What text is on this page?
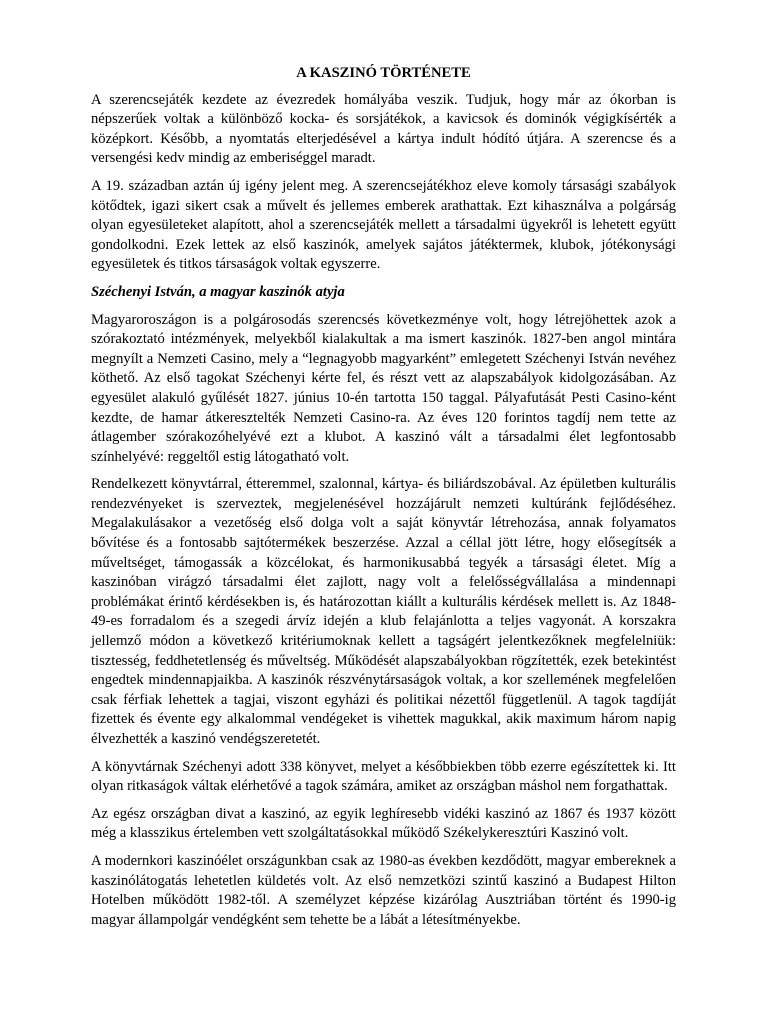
A KASZINÓ TÖRTÉNETE

A szerencsejáték kezdete az évezredek homályába veszik. Tudjuk, hogy már az ókorban is népszerűek voltak a különböző kocka- és sorsjátékok, a kavicsok és dominók végigkísérték a középkort. Később, a nyomtatás elterjedésével a kártya indult hódító útjára. A szerencse és a versengési kedv mindig az emberiséggel maradt.

A 19. században aztán új igény jelent meg. A szerencsejátékhoz eleve komoly társasági szabályok kötődtek, igazi sikert csak a művelt és jellemes emberek arathattak. Ezt kihasználva a polgárság olyan egyesületeket alapított, ahol a szerencsejáték mellett a társadalmi ügyekről is lehetett együtt gondolkodni. Ezek lettek az első kaszinók, amelyek sajátos játéktermek, klubok, jótékonysági egyesületek és titkos társaságok voltak egyszerre.

Széchenyi István, a magyar kaszinók atyja

Magyaroroszágon is a polgárosodás szerencsés következménye volt, hogy létrejöhettek azok a szórakoztató intézmények, melyekből kialakultak a ma ismert kaszinók. 1827-ben angol mintára megnyílt a Nemzeti Casino, mely a “legnagyobb magyarként” emlegetett Széchenyi István nevéhez köthető. Az első tagokat Széchenyi kérte fel, és részt vett az alapszabályok kidolgozásában. Az egyesület alakuló gyűlését 1827. június 10-én tartotta 150 taggal. Pályafutását Pesti Casino-ként kezdte, de hamar átkeresztelték Nemzeti Casino-ra. Az éves 120 forintos tagdíj nem tette az átlagember szórakozóhelyévé ezt a klubot. A kaszinó vált a társadalmi élet legfontosabb színhelyévé: reggeltől estig látogatható volt.

Rendelkezett könyvtárral, étteremmel, szalonnal, kártya- és biliárdszobával. Az épületben kulturális rendezvényeket is szerveztek, megjelenésével hozzájárult nemzeti kultúránk fejlődéséhez. Megalakulásakor a vezetőség első dolga volt a saját könyvtár létrehozása, annak folyamatos bővítése és a fontosabb sajtótermékek beszerzése. Azzal a céllal jött létre, hogy elősegítsék a műveltséget, támogassák a közcélokat, és harmonikusabbá tegyék a társasági életet. Míg a kaszinóban virágzó társadalmi élet zajlott, nagy volt a felelősségvállalása a mindennapi problémákat érintő kérdésekben is, és határozottan kiállt a kulturális kérdések mellett is. Az 1848-49-es forradalom és a szegedi árvíz idején a klub felajánlotta a teljes vagyonát. A korszakra jellemző módon a következő kritériumoknak kellett a tagságért jelentkezőknek megfelelniük: tisztesség, feddhetetlenség és műveltség. Működését alapszabályokban rögzítették, ezek betekintést engedtek mindennapjaikba. A kaszinók részvénytársaságok voltak, a kor szellemének megfelelően csak férfiak lehettek a tagjai, viszont egyházi és politikai nézettől függetlenül. A tagok tagdíját fizettek és évente egy alkalommal vendégeket is vihettek magukkal, akik maximum három napig élvezhették a kaszinó vendégszeretetét.

A könyvtárnak Széchenyi adott 338 könyvet, melyet a későbbiekben több ezerre egészítettek ki. Itt olyan ritkaságok váltak elérhetővé a tagok számára, amiket az országban máshol nem forgathattak.

Az egész országban divat a kaszinó, az egyik leghíresebb vidéki kaszinó az 1867 és 1937 között még a klasszikus értelemben vett szolgáltatásokkal működő Székelykeresztúri Kaszinó volt.

A modernkori kaszinóélet országunkban csak az 1980-as években kezdődött, magyar embereknek a kaszinólátogatás lehetetlen küldetés volt. Az első nemzetközi szintű kaszinó a Budapest Hilton Hotelben működött 1982-től. A személyzet képzése kizárólag Ausztriában történt és 1990-ig magyar állampolgár vendégként sem tehette be a lábát a létesítményekbe.
